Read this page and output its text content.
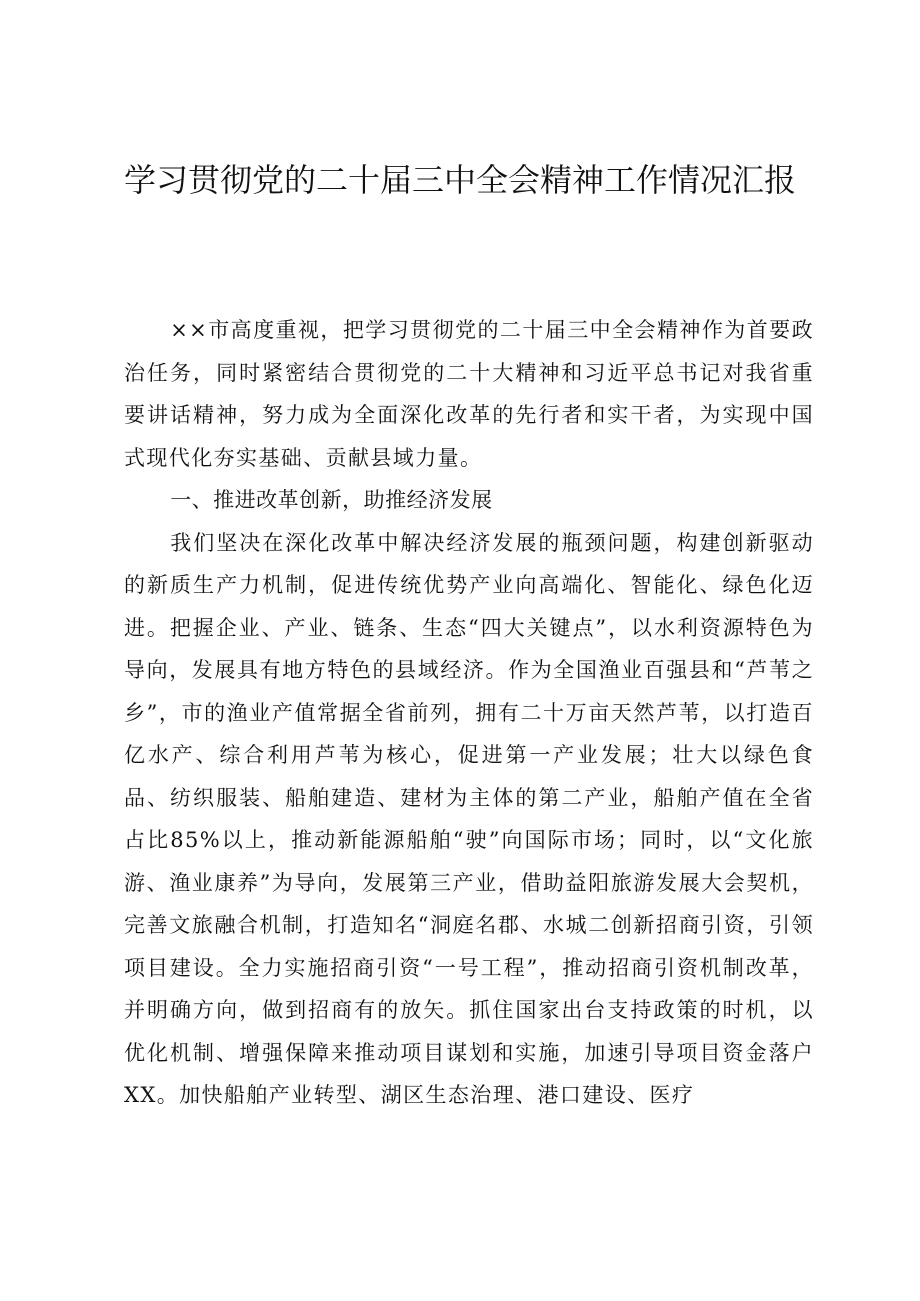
学习贯彻党的二十届三中全会精神工作情况汇报

××市高度重视，把学习贯彻党的二十届三中全会精神作为首要政治任务，同时紧密结合贯彻党的二十大精神和习近平总书记对我省重要讲话精神，努力成为全面深化改革的先行者和实干者，为实现中国式现代化夯实基础、贡献县域力量。

一、推进改革创新，助推经济发展

我们坚决在深化改革中解决经济发展的瓶颈问题，构建创新驱动的新质生产力机制，促进传统优势产业向高端化、智能化、绿色化迈进。把握企业、产业、链条、生态“四大关键点”，以水利资源特色为导向，发展具有地方特色的县域经济。作为全国渔业百强县和“芦苇之乡”，市的渔业产值常据全省前列，拥有二十万亩天然芦苇，以打造百亿水产、综合利用芦苇为核心，促进第一产业发展；壮大以绿色食品、纺织服装、船舶建造、建材为主体的第二产业，船舶产值在全省占比85%以上，推动新能源船舶“驶”向国际市场；同时，以“文化旅游、渔业康养”为导向，发展第三产业，借助益阳旅游发展大会契机，完善文旅融合机制，打造知名“洞庭名郡、水城二创新招商引资，引领项目建设。全力实施招商引资“一号工程”，推动招商引资机制改革，并明确方向，做到招商有的放矢。抓住国家出台支持政策的时机，以优化机制、增强保障来推动项目谋划和实施，加速引导项目资金落户XX。加快船舶产业转型、湖区生态治理、港口建设、医疗
